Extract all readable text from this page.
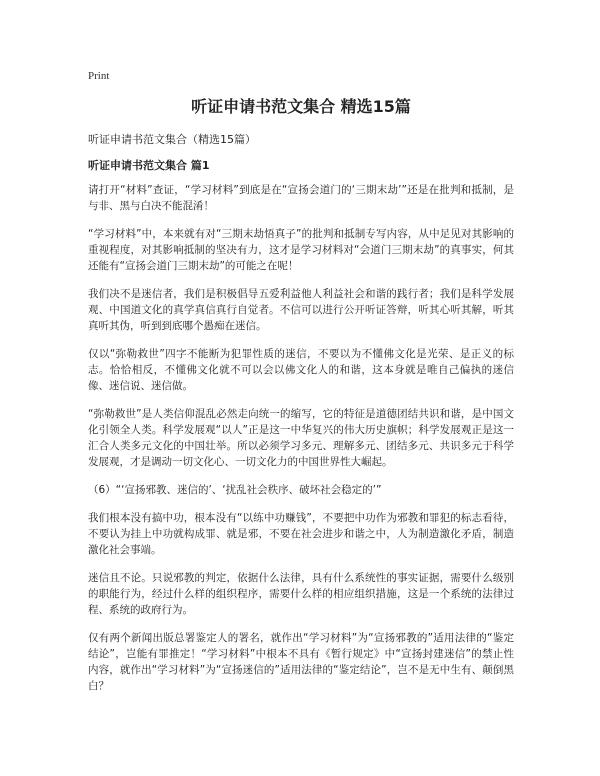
Print
听证申请书范文集合 精选15篇

听证申请书范文集合（精选15篇）

听证申请书范文集合 篇1

请打开“材料”查证，“学习材料”到底是在“宣扬会道门的‘三期末劫’”还是在批判和抵制，是与非、黑与白决不能混淆！

“学习材料”中，本来就有对“三期末劫悟真子”的批判和抵制专写内容，从中足见对其影响的重视程度，对其影响抵制的坚决有力，这才是学习材料对“会道门三期末劫”的真事实，何其还能有“宣扬会道门三期末劫”的可能之在呢！

我们决不是迷信者，我们是积极倡导五爱利益他人利益社会和谐的践行者；我们是科学发展观、中国道文化的真学真信真行自觉者。不信可以进行公开听证答辩，听其心听其解，听其真听其伪，听到到底哪个愚痴在迷信。

仅以“弥勒救世”四字不能断为犯罪性质的迷信，不要以为不懂佛文化是光荣、是正义的标志。恰恰相反，不懂佛文化就不可以会以佛文化人的和谐，这本身就是唯自己偏执的迷信像、迷信说、迷信做。

“弥勒救世”是人类信仰混乱必然走向统一的缩写，它的特征是道德团结共识和谐，是中国文化引领全人类。科学发展观“以人”正是这一中华复兴的伟大历史旗帜；科学发展观正是这一汇合人类多元文化的中国壮举。所以必须学习多元、理解多元、团结多元、共识多元于科学发展观，才是调动一切文化心、一切文化力的中国世界性大崛起。

（6）“‘宣扬邪教、迷信的’、‘扰乱社会秩序、破坏社会稳定的’”

我们根本没有搞中功，根本没有“以练中功赚钱”，不要把中功作为邪教和罪犯的标志看待，不要认为挂上中功就构成罪、就是邪，不要在社会进步和谐之中，人为制造激化矛盾，制造激化社会事端。

迷信且不论。只说邪教的判定，依据什么法律，具有什么系统性的事实证据，需要什么级别的职能行为，经过什么样的组织程序，需要什么样的相应组织措施，这是一个系统的法律过程、系统的政府行为。

仅有两个新闻出版总署鉴定人的署名，就作出“学习材料”为“宣扬邪教的”适用法律的“鉴定结论”，岂能有罪推定！“学习材料”中根本不具有《暂行规定》中“宣扬封建迷信”的禁止性内容，就作出“学习材料”为“宣扬迷信的”适用法律的“鉴定结论”，岂不是无中生有、颠倒黑白？
